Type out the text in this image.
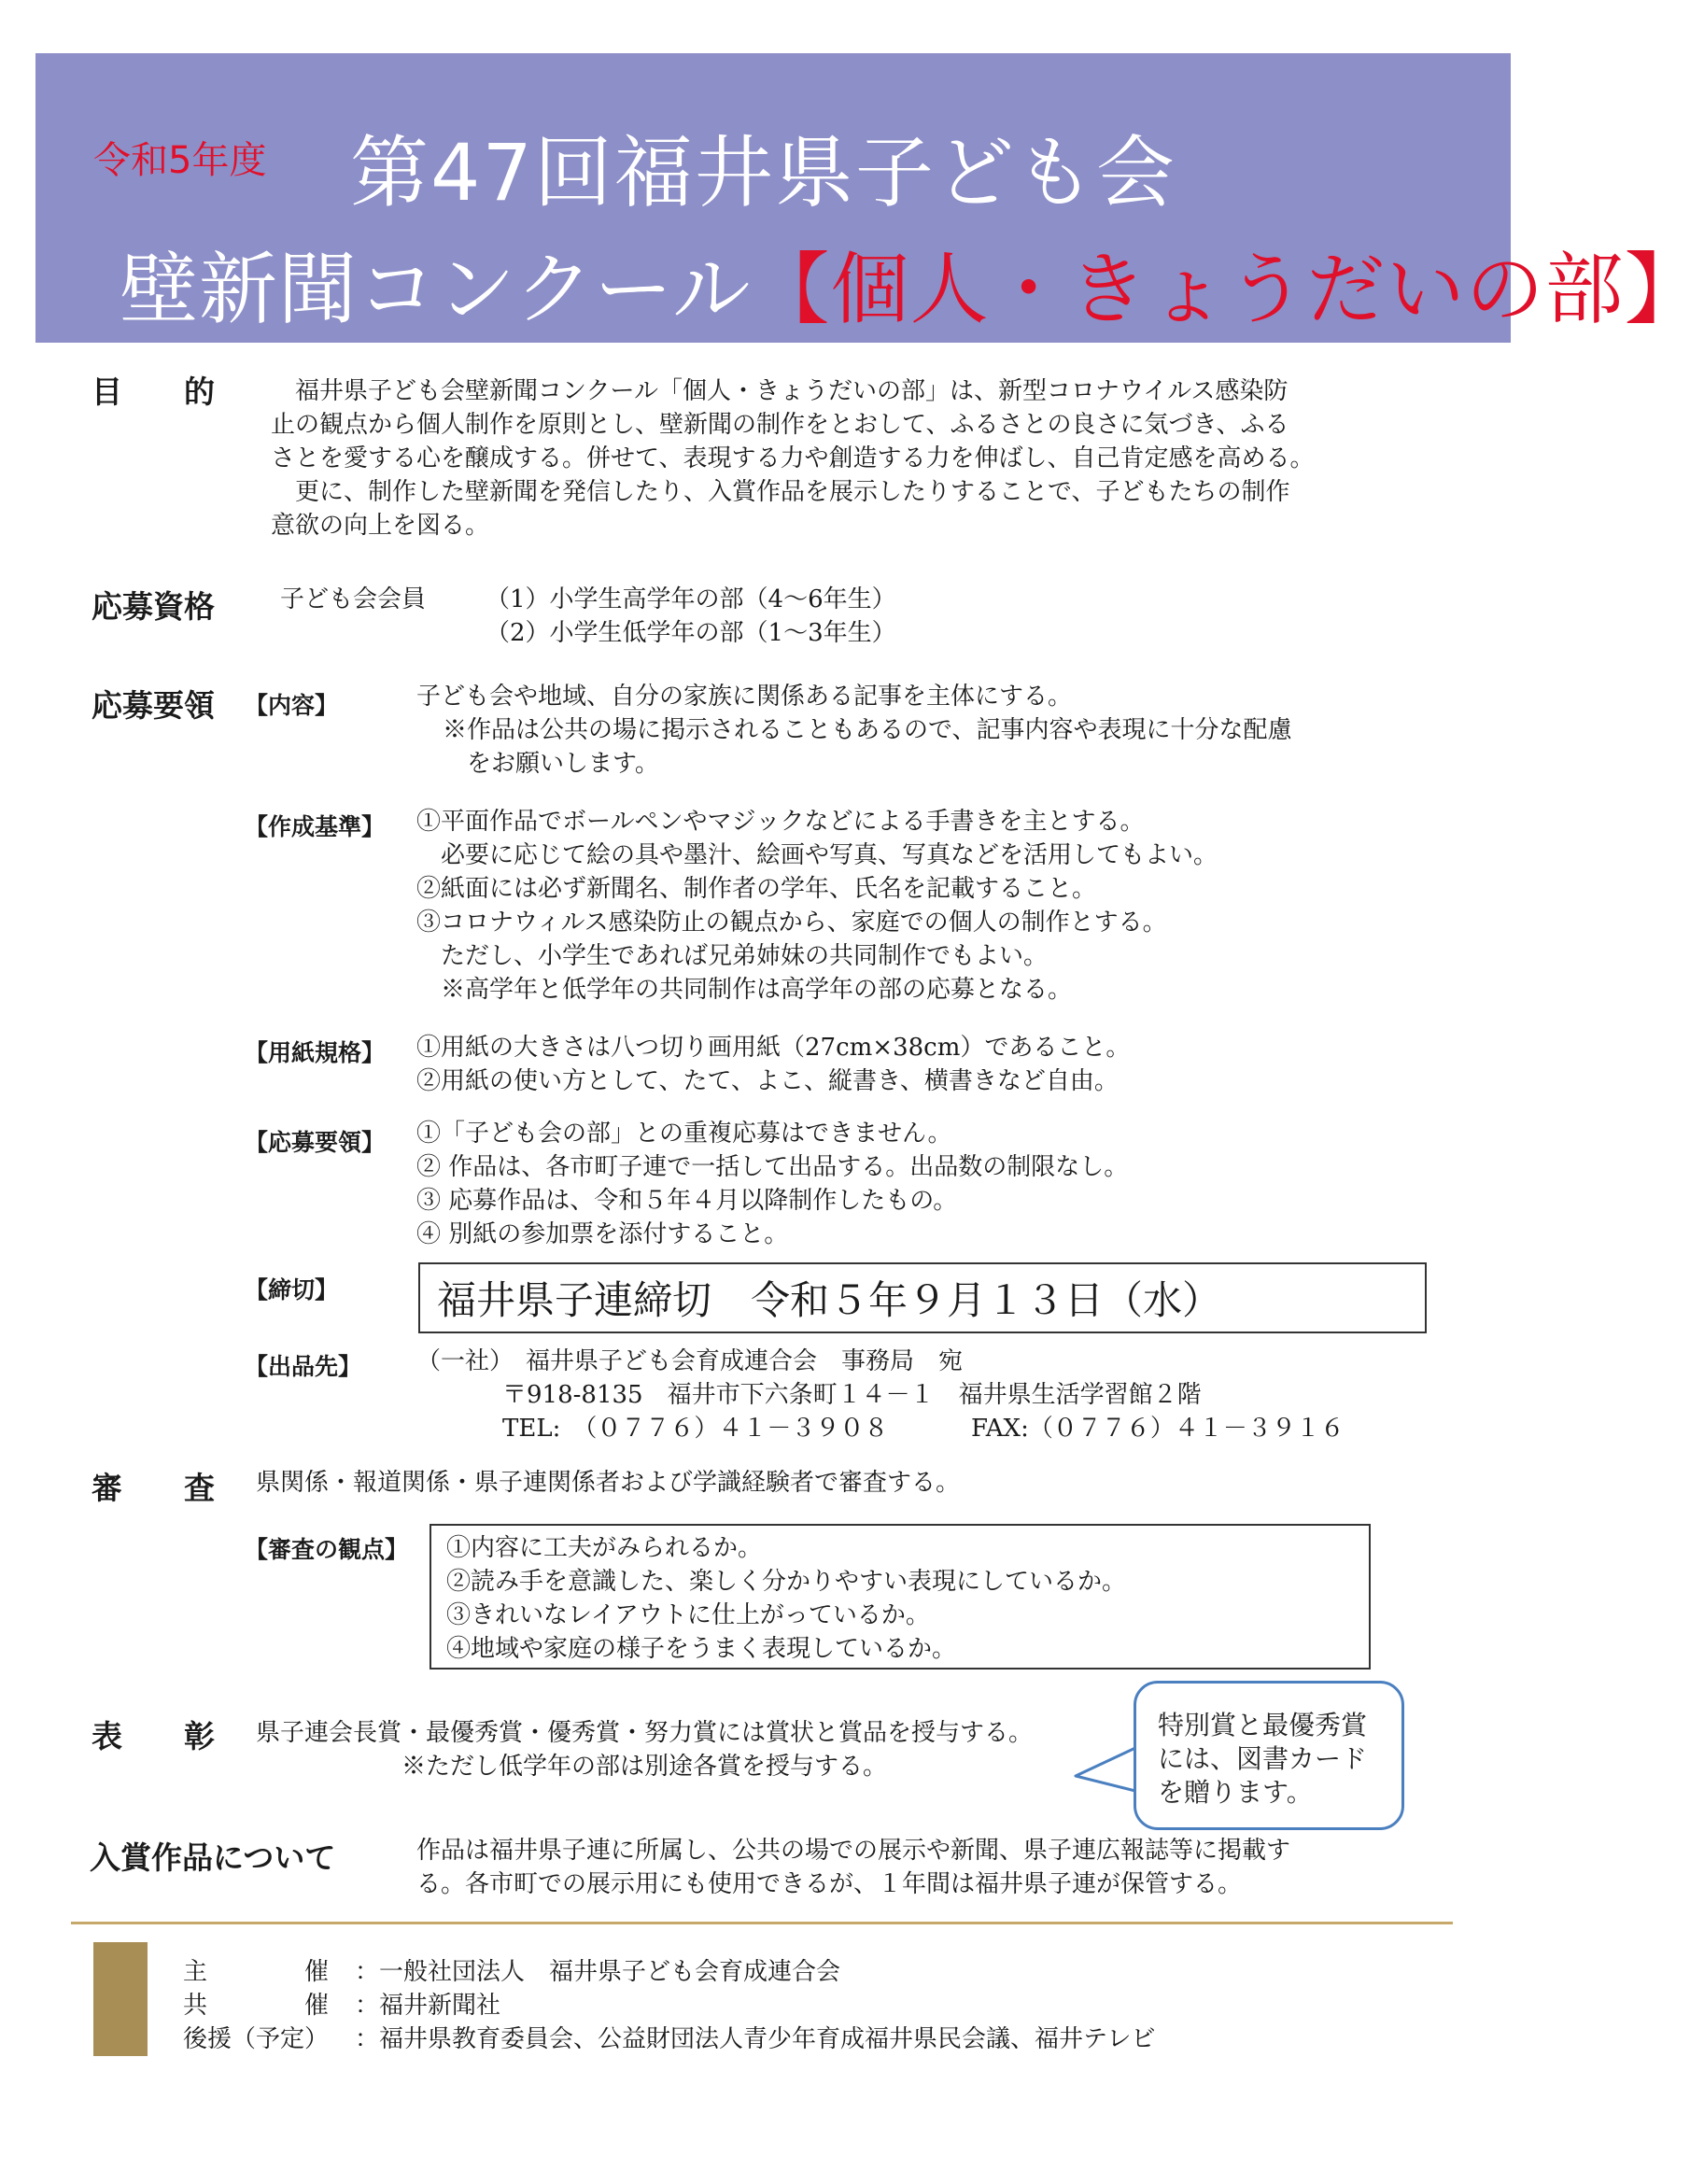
令和5年度 第47回福井県子ども会
壁新聞コンクール【個人・きょうだいの部】
目　　的 　福井県子ども会壁新聞コンクール「個人・きょうだいの部」は、新型コロナウイルス感染防
止の観点から個人制作を原則とし、壁新聞の制作をとおして、ふるさとの良さに気づき、ふる
さとを愛する心を醸成する。併せて、表現する力や創造する力を伸ばし、自己肯定感を高める。
　更に、制作した壁新聞を発信したり、入賞作品を展示したりすることで、子どもたちの制作
意欲の向上を図る。
応募資格	子ども会会員 （1）小学生高学年の部（4～6年生）
（2）小学生低学年の部（1～3年生）
応募要領 【内容】	子ども会や地域、自分の家族に関係ある記事を主体にする。
※作品は公共の場に掲示されることもあるので、記事内容や表現に十分な配慮
　をお願いします。
【作成基準】 ①平面作品でボールペンやマジックなどによる手書きを主とする。
　必要に応じて絵の具や墨汁、絵画や写真、写真などを活用してもよい。
②紙面には必ず新聞名、制作者の学年、氏名を記載すること。
③コロナウィルス感染防止の観点から、家庭での個人の制作とする。
　ただし、小学生であれば兄弟姉妹の共同制作でもよい。
　※高学年と低学年の共同制作は高学年の部の応募となる。
【用紙規格】 ①用紙の大きさは八つ切り画用紙（27cm×38cm）であること。
②用紙の使い方として、たて、よこ、縦書き、横書きなど自由。
【応募要領】 ①「子ども会の部」との重複応募はできません。
② 作品は、各市町子連で一括して出品する。出品数の制限なし。
③ 応募作品は、令和５年４月以降制作したもの。
④ 別紙の参加票を添付すること。
【締切】	福井県子連締切　令和５年９月１３日（水）
【出品先】 （一社）　福井県子ども会育成連合会　事務局　宛
〒918-8135　福井市下六条町１４－１　福井県生活学習館２階
TEL:　（０７７６）４１－３９０８	FAX:（０７７６）４１－３９１６
審　　査 県関係・報道関係・県子連関係者および学識経験者で審査する。
【審査の観点】 ①内容に工夫がみられるか。
②読み手を意識した、楽しく分かりやすい表現にしているか。
③きれいなレイアウトに仕上がっているか。
④地域や家庭の様子をうまく表現しているか。
表　　彰 県子連会長賞・最優秀賞・優秀賞・努力賞には賞状と賞品を授与する。
※ただし低学年の部は別途各賞を授与する。
特別賞と最優秀賞
には、図書カード
を贈ります。
入賞作品について	作品は福井県子連に所属し、公共の場での展示や新聞、県子連広報誌等に掲載す
る。各市町での展示用にも使用できるが、１年間は福井県子連が保管する。
主　　　　催 ：一般社団法人　福井県子ども会育成連合会
共　　　　催 ：福井新聞社
後援（予定） ：福井県教育委員会、公益財団法人青少年育成福井県民会議、福井テレビ
